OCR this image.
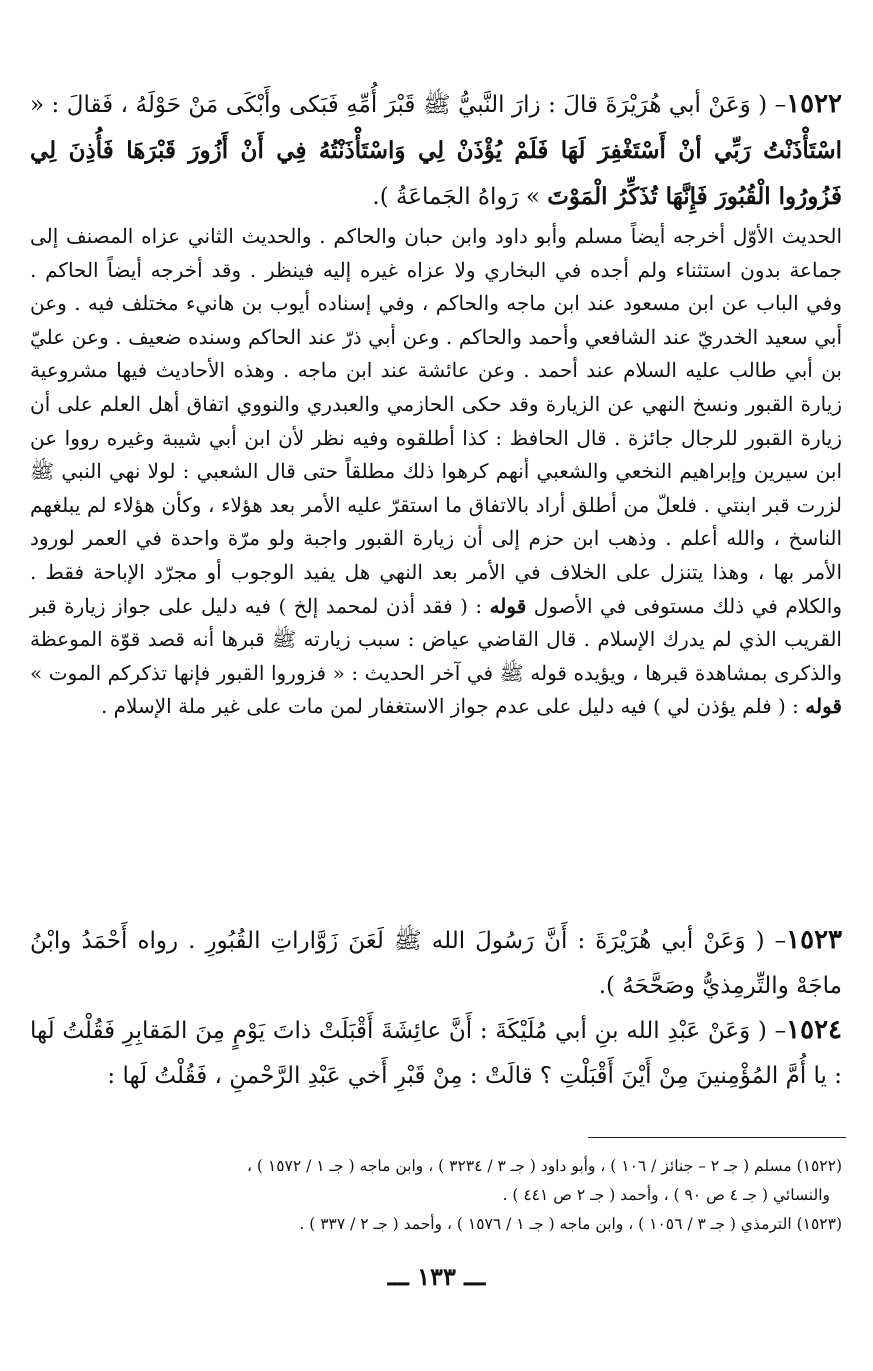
١٥٢٢– ( وَعَنْ أبي هُرَيْرَةَ قالَ : زارَ النَّبيُّ ﷺ قَبْرَ أُمِّهِ فَبَكى وأَبْكَى مَنْ حَوْلَهُ ، فَقالَ : « اسْتَأْذَنْتُ رَبِّي أنْ أَسْتَغْفِرَ لَهَا فَلَمْ يُؤْذَنْ لِي وَاسْتَأْذَنْتُهُ فِي أَنْ أَزُورَ قَبْرَهَا فَأُذِنَ لِي فَزُورُوا الْقُبُورَ فَإِنَّهَا تُذَكِّرُ الْمَوْتَ » رَواهُ الجَماعَةُ ).

الحديث الأوّل أخرجه أيضاً مسلم وأبو داود وابن حبان والحاكم . والحديث الثاني عزاه المصنف إلى جماعة بدون استثناء ولم أجده في البخاري ولا عزاه غيره إليه فينظر . وقد أخرجه أيضاً الحاكم . وفي الباب عن ابن مسعود عند ابن ماجه والحاكم ، وفي إسناده أيوب بن هانيء مختلف فيه . وعن أبي سعيد الخدريّ عند الشافعي وأحمد والحاكم . وعن أبي ذرّ عند الحاكم وسنده ضعيف . وعن عليّ بن أبي طالب عليه السلام عند أحمد . وعن عائشة عند ابن ماجه . وهذه الأحاديث فيها مشروعية زيارة القبور ونسخ النهي عن الزيارة وقد حكى الحازمي والعبدري والنووي اتفاق أهل العلم على أن زيارة القبور للرجال جائزة . قال الحافظ : كذا أطلقوه وفيه نظر لأن ابن أبي شيبة وغيره رووا عن ابن سيرين وإبراهيم النخعي والشعبي أنهم كرهوا ذلك مطلقاً حتى قال الشعبي : لولا نهي النبي ﷺ لزرت قبر ابنتي . فلعلّ من أطلق أراد بالاتفاق ما استقرّ عليه الأمر بعد هؤلاء ، وكأن هؤلاء لم يبلغهم الناسخ ، والله أعلم . وذهب ابن حزم إلى أن زيارة القبور واجبة ولو مرّة واحدة في العمر لورود الأمر بها ، وهذا يتنزل على الخلاف في الأمر بعد النهي هل يفيد الوجوب أو مجرّد الإباحة فقط . والكلام في ذلك مستوفى في الأصول قوله : ( فقد أذن لمحمد إلخ ) فيه دليل على جواز زيارة قبر القريب الذي لم يدرك الإسلام . قال القاضي عياض : سبب زيارته ﷺ قبرها أنه قصد قوّة الموعظة والذكرى بمشاهدة قبرها ، ويؤيده قوله ﷺ في آخر الحديث : « فزوروا القبور فإنها تذكركم الموت » قوله : ( فلم يؤذن لي ) فيه دليل على عدم جواز الاستغفار لمن مات على غير ملة الإسلام .

١٥٢٣– ( وَعَنْ أبي هُرَيْرَةَ : أَنَّ رَسُولَ الله ﷺ لَعَنَ زَوَّاراتِ القُبُورِ . رواه أَحْمَدُ وابْنُ ماجَهْ والتِّرمِذيُّ وصَحَّحَهُ ).

١٥٢٤– ( وَعَنْ عَبْدِ الله بنِ أبي مُلَيْكَةَ : أَنَّ عائِشَةَ أَقْبَلَتْ ذاتَ يَوْمٍ مِنَ المَقابِرِ فَقُلْتُ لَها : يا أُمَّ المُؤْمِنينَ مِنْ أَيْنَ أَقْبَلْتِ ؟ قالَتْ : مِنْ قَبْرِ أَخي عَبْدِ الرَّحْمنِ ، فَقُلْتُ لَها :

(١٥٢٢) مسلم ( جـ ٢ – جنائز / ١٠٦ ) ، وأبو داود ( جـ ٣ / ٣٢٣٤ ) ، وابن ماجه ( جـ ١ / ١٥٧٢ ) ،

والنسائي ( جـ ٤ ص ٩٠ ) ، وأحمد ( جـ ٢ ص ٤٤١ ) .

(١٥٢٣) الترمذي ( جـ ٣ / ١٠٥٦ ) ، وابن ماجه ( جـ ١ / ١٥٧٦ ) ، وأحمد ( جـ ٢ / ٣٣٧ ) .

ـــ ١٣٣ ـــ
